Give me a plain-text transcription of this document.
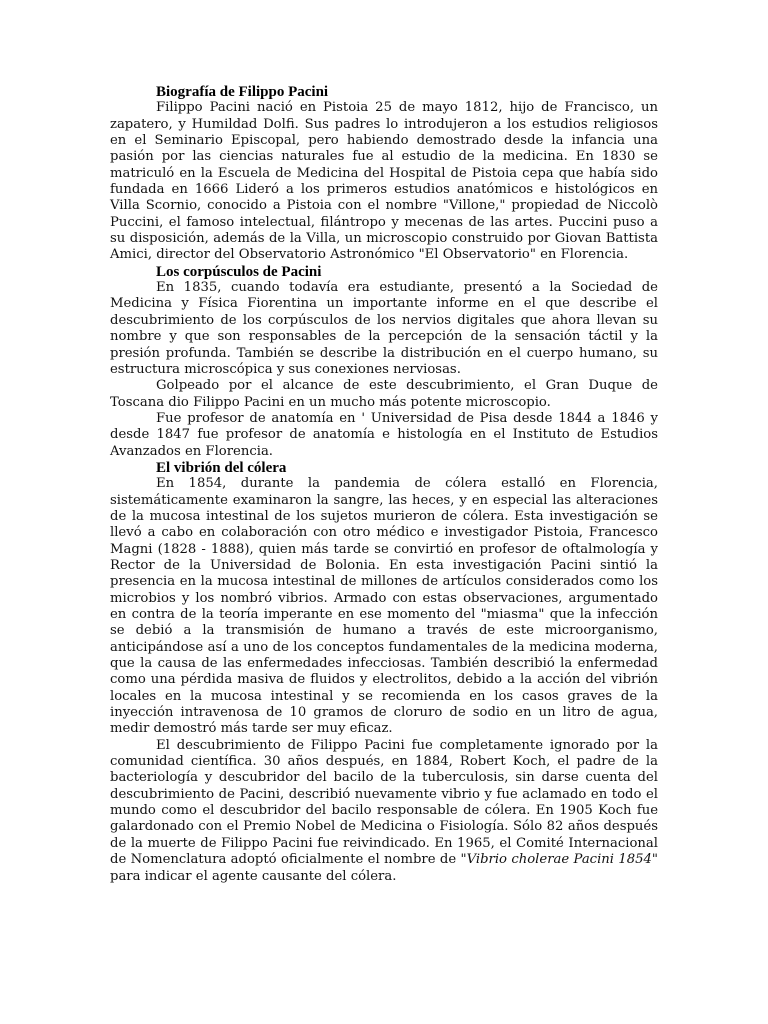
Biografía de Filippo Pacini

Filippo Pacini nació en Pistoia 25 de mayo 1812, hijo de Francisco, un zapatero, y Humildad Dolfi. Sus padres lo introdujeron a los estudios religiosos en el Seminario Episcopal, pero habiendo demostrado desde la infancia una pasión por las ciencias naturales fue al estudio de la medicina. En 1830 se matriculó en la Escuela de Medicina del Hospital de Pistoia cepa que había sido fundada en 1666 Lideró a los primeros estudios anatómicos e histológicos en Villa Scornio, conocido a Pistoia con el nombre "Villone," propiedad de Niccolò Puccini, el famoso intelectual, filántropo y mecenas de las artes. Puccini puso a su disposición, además de la Villa, un microscopio construido por Giovan Battista Amici, director del Observatorio Astronómico "El Observatorio" en Florencia.

Los corpúsculos de Pacini

En 1835, cuando todavía era estudiante, presentó a la Sociedad de Medicina y Física Fiorentina un importante informe en el que describe el descubrimiento de los corpúsculos de los nervios digitales que ahora llevan su nombre y que son responsables de la percepción de la sensación táctil y la presión profunda. También se describe la distribución en el cuerpo humano, su estructura microscópica y sus conexiones nerviosas.

Golpeado por el alcance de este descubrimiento, el Gran Duque de Toscana dio Filippo Pacini en un mucho más potente microscopio.

Fue profesor de anatomía en ' Universidad de Pisa desde 1844 a 1846 y desde 1847 fue profesor de anatomía e histología en el Instituto de Estudios Avanzados en Florencia.

El vibrión del cólera

En 1854, durante la pandemia de cólera estalló en Florencia, sistemáticamente examinaron la sangre, las heces, y en especial las alteraciones de la mucosa intestinal de los sujetos murieron de cólera. Esta investigación se llevó a cabo en colaboración con otro médico e investigador Pistoia, Francesco Magni (1828 - 1888), quien más tarde se convirtió en profesor de oftalmología y Rector de la Universidad de Bolonia. En esta investigación Pacini sintió la presencia en la mucosa intestinal de millones de artículos considerados como los microbios y los nombró vibrios. Armado con estas observaciones, argumentado en contra de la teoría imperante en ese momento del "miasma" que la infección se debió a la transmisión de humano a través de este microorganismo, anticipándose así a uno de los conceptos fundamentales de la medicina moderna, que la causa de las enfermedades infecciosas. También describió la enfermedad como una pérdida masiva de fluidos y electrolitos, debido a la acción del vibrión locales en la mucosa intestinal y se recomienda en los casos graves de la inyección intravenosa de 10 gramos de cloruro de sodio en un litro de agua, medir demostró más tarde ser muy eficaz.

El descubrimiento de Filippo Pacini fue completamente ignorado por la comunidad científica. 30 años después, en 1884, Robert Koch, el padre de la bacteriología y descubridor del bacilo de la tuberculosis, sin darse cuenta del descubrimiento de Pacini, describió nuevamente vibrio y fue aclamado en todo el mundo como el descubridor del bacilo responsable de cólera. En 1905 Koch fue galardonado con el Premio Nobel de Medicina o Fisiología. Sólo 82 años después de la muerte de Filippo Pacini fue reivindicado. En 1965, el Comité Internacional de Nomenclatura adoptó oficialmente el nombre de "Vibrio cholerae Pacini 1854" para indicar el agente causante del cólera.
